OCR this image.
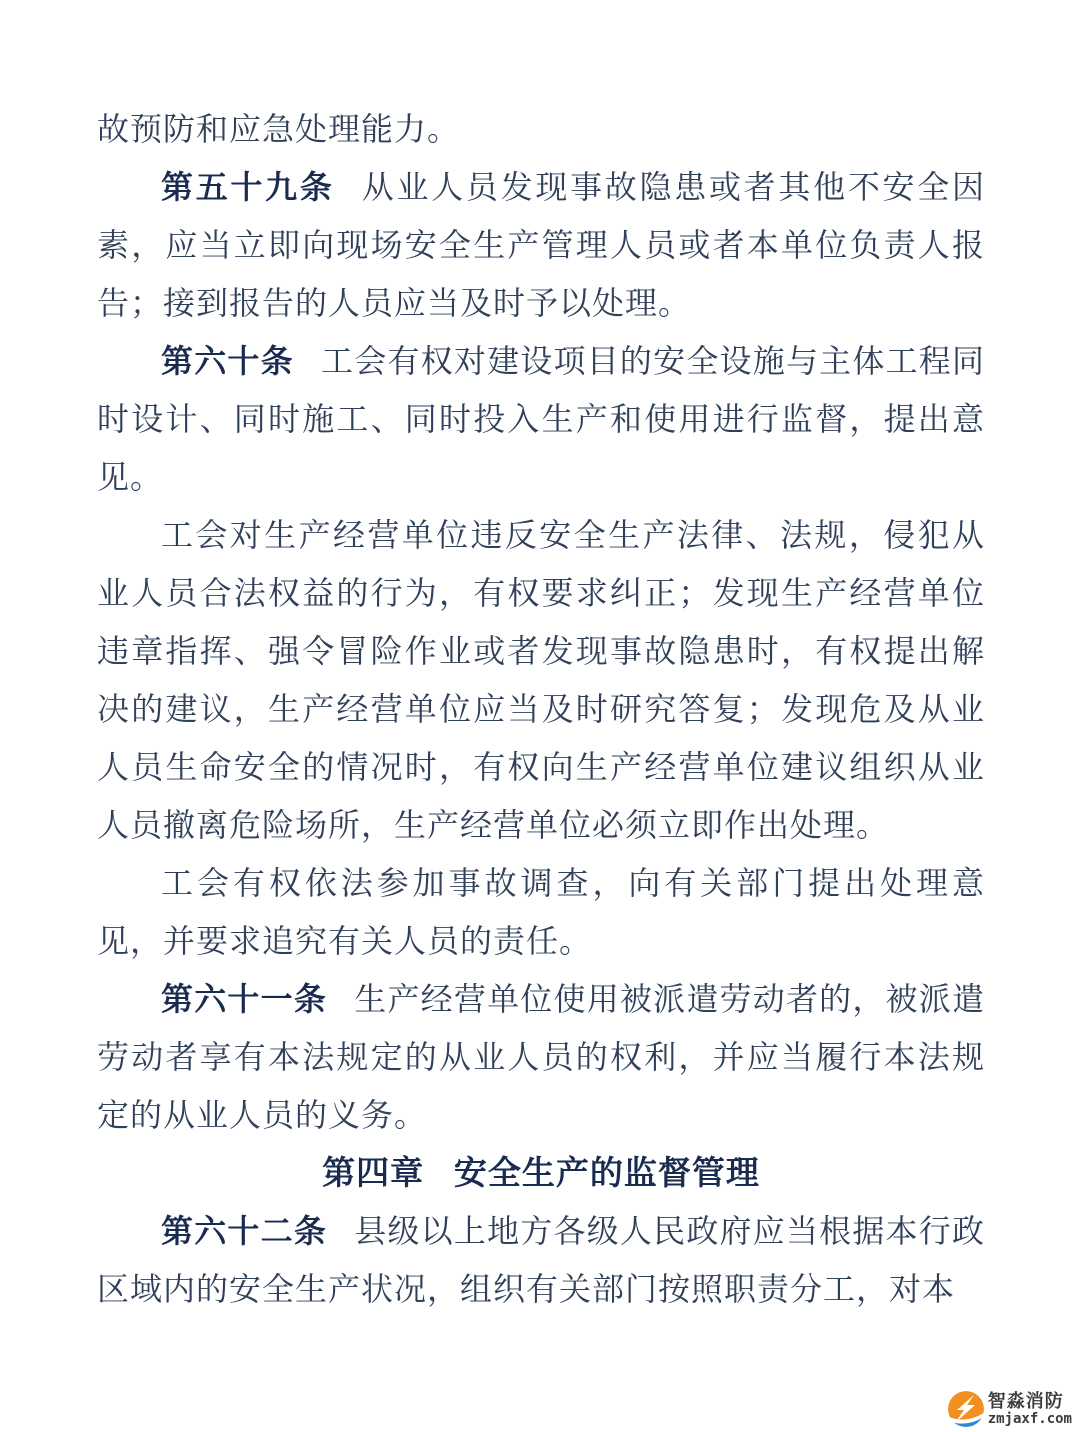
故预防和应急处理能力。

第五十九条 从业人员发现事故隐患或者其他不安全因素，应当立即向现场安全生产管理人员或者本单位负责人报告；接到报告的人员应当及时予以处理。

第六十条 工会有权对建设项目的安全设施与主体工程同时设计、同时施工、同时投入生产和使用进行监督，提出意见。

工会对生产经营单位违反安全生产法律、法规，侵犯从业人员合法权益的行为，有权要求纠正；发现生产经营单位违章指挥、强令冒险作业或者发现事故隐患时，有权提出解决的建议，生产经营单位应当及时研究答复；发现危及从业人员生命安全的情况时，有权向生产经营单位建议组织从业人员撤离危险场所，生产经营单位必须立即作出处理。

工会有权依法参加事故调查，向有关部门提出处理意见，并要求追究有关人员的责任。

第六十一条 生产经营单位使用被派遣劳动者的，被派遣劳动者享有本法规定的从业人员的权利，并应当履行本法规定的从业人员的义务。

第四章 安全生产的监督管理

第六十二条 县级以上地方各级人民政府应当根据本行政区域内的安全生产状况，组织有关部门按照职责分工，对本

智淼消防
zmjaxf.com
